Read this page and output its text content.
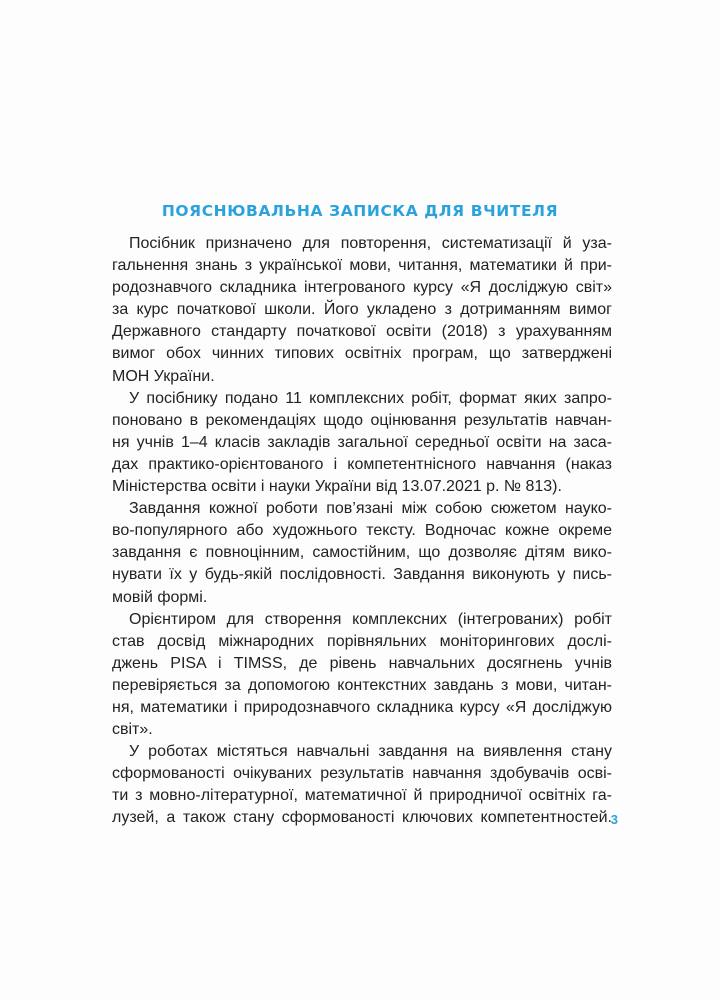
ПОЯСНЮВАЛЬНА ЗАПИСКА ДЛЯ ВЧИТЕЛЯ
Посібник призначено для повторення, систематизації й уза-
гальнення знань з української мови, читання, математики й при-
родознавчого складника інтегрованого курсу «Я досліджую світ»
за курс початкової школи. Його укладено з дотриманням вимог
Державного стандарту початкової освіти (2018) з урахуванням
вимог обох чинних типових освітніх програм, що затверджені
МОН України.
У посібнику подано 11 комплексних робіт, формат яких запро-
поновано в рекомендаціях щодо оцінювання результатів навчан-
ня учнів 1–4 класів закладів загальної середньої освіти на заса-
дах практико-орієнтованого і компетентнісного навчання (наказ
Міністерства освіти і науки України від 13.07.2021 р. № 813).
Завдання кожної роботи пов’язані між собою сюжетом науко-
во-популярного або художнього тексту. Водночас кожне окреме
завдання є повноцінним, самостійним, що дозволяє дітям вико-
нувати їх у будь-якій послідовності. Завдання виконують у пись-
мовій формі.
Орієнтиром для створення комплексних (інтегрованих) робіт
став досвід міжнародних порівняльних моніторингових дослі-
джень PISA і TIMSS, де рівень навчальних досягнень учнів
перевіряється за допомогою контекстних завдань з мови, читан-
ня, математики і природознавчого складника курсу «Я досліджую
світ».
У роботах містяться навчальні завдання на виявлення стану
сформованості очікуваних результатів навчання здобувачів осві-
ти з мовно-літературної, математичної й природничої освітніх га-
лузей, а також стану сформованості ключових компетентностей.
3
